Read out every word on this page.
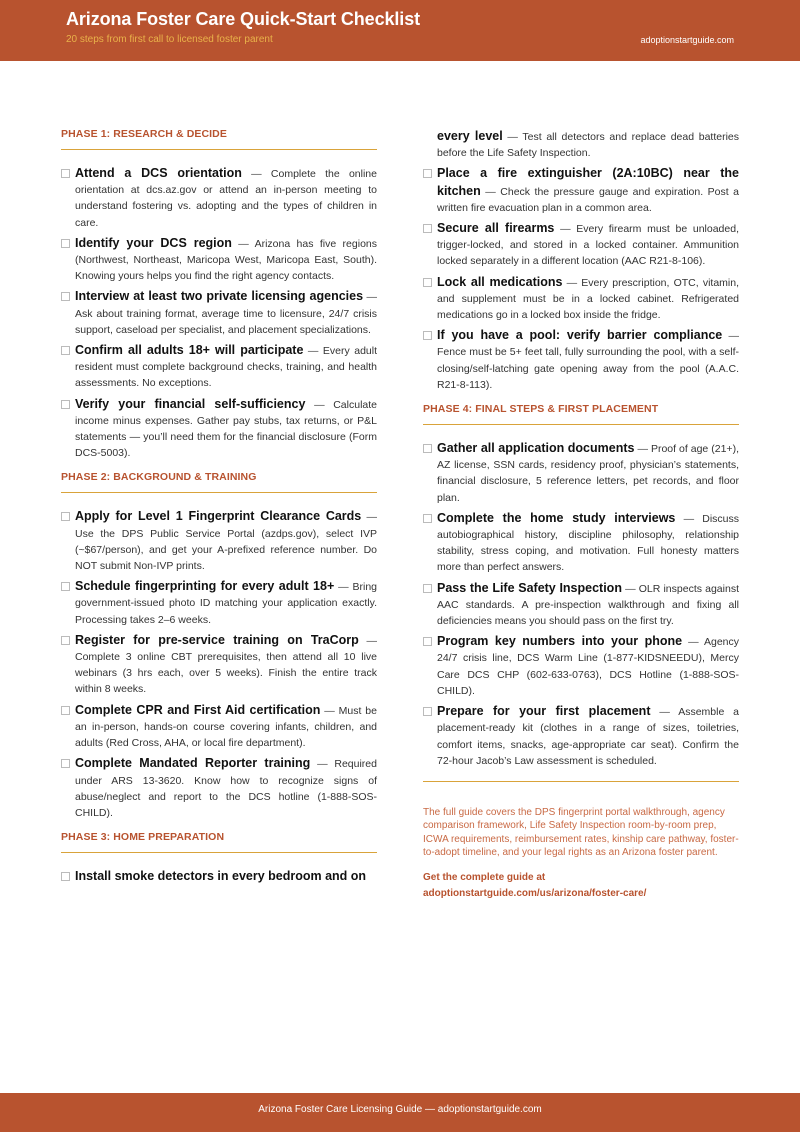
Arizona Foster Care Quick-Start Checklist
20 steps from first call to licensed foster parent	adoptionstartguide.com
PHASE 1: RESEARCH & DECIDE
Attend a DCS orientation — Complete the online orientation at dcs.az.gov or attend an in-person meeting to understand fostering vs. adopting and the types of children in care.
Identify your DCS region — Arizona has five regions (Northwest, Northeast, Maricopa West, Maricopa East, South). Knowing yours helps you find the right agency contacts.
Interview at least two private licensing agencies — Ask about training format, average time to licensure, 24/7 crisis support, caseload per specialist, and placement specializations.
Confirm all adults 18+ will participate — Every adult resident must complete background checks, training, and health assessments. No exceptions.
Verify your financial self-sufficiency — Calculate income minus expenses. Gather pay stubs, tax returns, or P&L statements — you’ll need them for the financial disclosure (Form DCS-5003).
PHASE 2: BACKGROUND & TRAINING
Apply for Level 1 Fingerprint Clearance Cards — Use the DPS Public Service Portal (azdps.gov), select IVP (~$67/person), and get your A-prefixed reference number. Do NOT submit Non-IVP prints.
Schedule fingerprinting for every adult 18+ — Bring government-issued photo ID matching your application exactly. Processing takes 2–6 weeks.
Register for pre-service training on TraCorp — Complete 3 online CBT prerequisites, then attend all 10 live webinars (3 hrs each, over 5 weeks). Finish the entire track within 8 weeks.
Complete CPR and First Aid certification — Must be an in-person, hands-on course covering infants, children, and adults (Red Cross, AHA, or local fire department).
Complete Mandated Reporter training — Required under ARS 13-3620. Know how to recognize signs of abuse/neglect and report to the DCS hotline (1-888-SOS-CHILD).
PHASE 3: HOME PREPARATION
Install smoke detectors in every bedroom and on
every level — Test all detectors and replace dead batteries before the Life Safety Inspection.
Place a fire extinguisher (2A:10BC) near the kitchen — Check the pressure gauge and expiration. Post a written fire evacuation plan in a common area.
Secure all firearms — Every firearm must be unloaded, trigger-locked, and stored in a locked container. Ammunition locked separately in a different location (AAC R21-8-106).
Lock all medications — Every prescription, OTC, vitamin, and supplement must be in a locked cabinet. Refrigerated medications go in a locked box inside the fridge.
If you have a pool: verify barrier compliance — Fence must be 5+ feet tall, fully surrounding the pool, with a self-closing/self-latching gate opening away from the pool (A.A.C. R21-8-113).
PHASE 4: FINAL STEPS & FIRST PLACEMENT
Gather all application documents — Proof of age (21+), AZ license, SSN cards, residency proof, physician’s statements, financial disclosure, 5 reference letters, pet records, and floor plan.
Complete the home study interviews — Discuss autobiographical history, discipline philosophy, relationship stability, stress coping, and motivation. Full honesty matters more than perfect answers.
Pass the Life Safety Inspection — OLR inspects against AAC standards. A pre-inspection walkthrough and fixing all deficiencies means you should pass on the first try.
Program key numbers into your phone — Agency 24/7 crisis line, DCS Warm Line (1-877-KIDSNEEDU), Mercy Care DCS CHP (602-633-0763), DCS Hotline (1-888-SOS-CHILD).
Prepare for your first placement — Assemble a placement-ready kit (clothes in a range of sizes, toiletries, comfort items, snacks, age-appropriate car seat). Confirm the 72-hour Jacob’s Law assessment is scheduled.
The full guide covers the DPS fingerprint portal walkthrough, agency comparison framework, Life Safety Inspection room-by-room prep, ICWA requirements, reimbursement rates, kinship care pathway, foster-to-adopt timeline, and your legal rights as an Arizona foster parent.
Get the complete guide at
adoptionstartguide.com/us/arizona/foster-care/
Arizona Foster Care Licensing Guide — adoptionstartguide.com
